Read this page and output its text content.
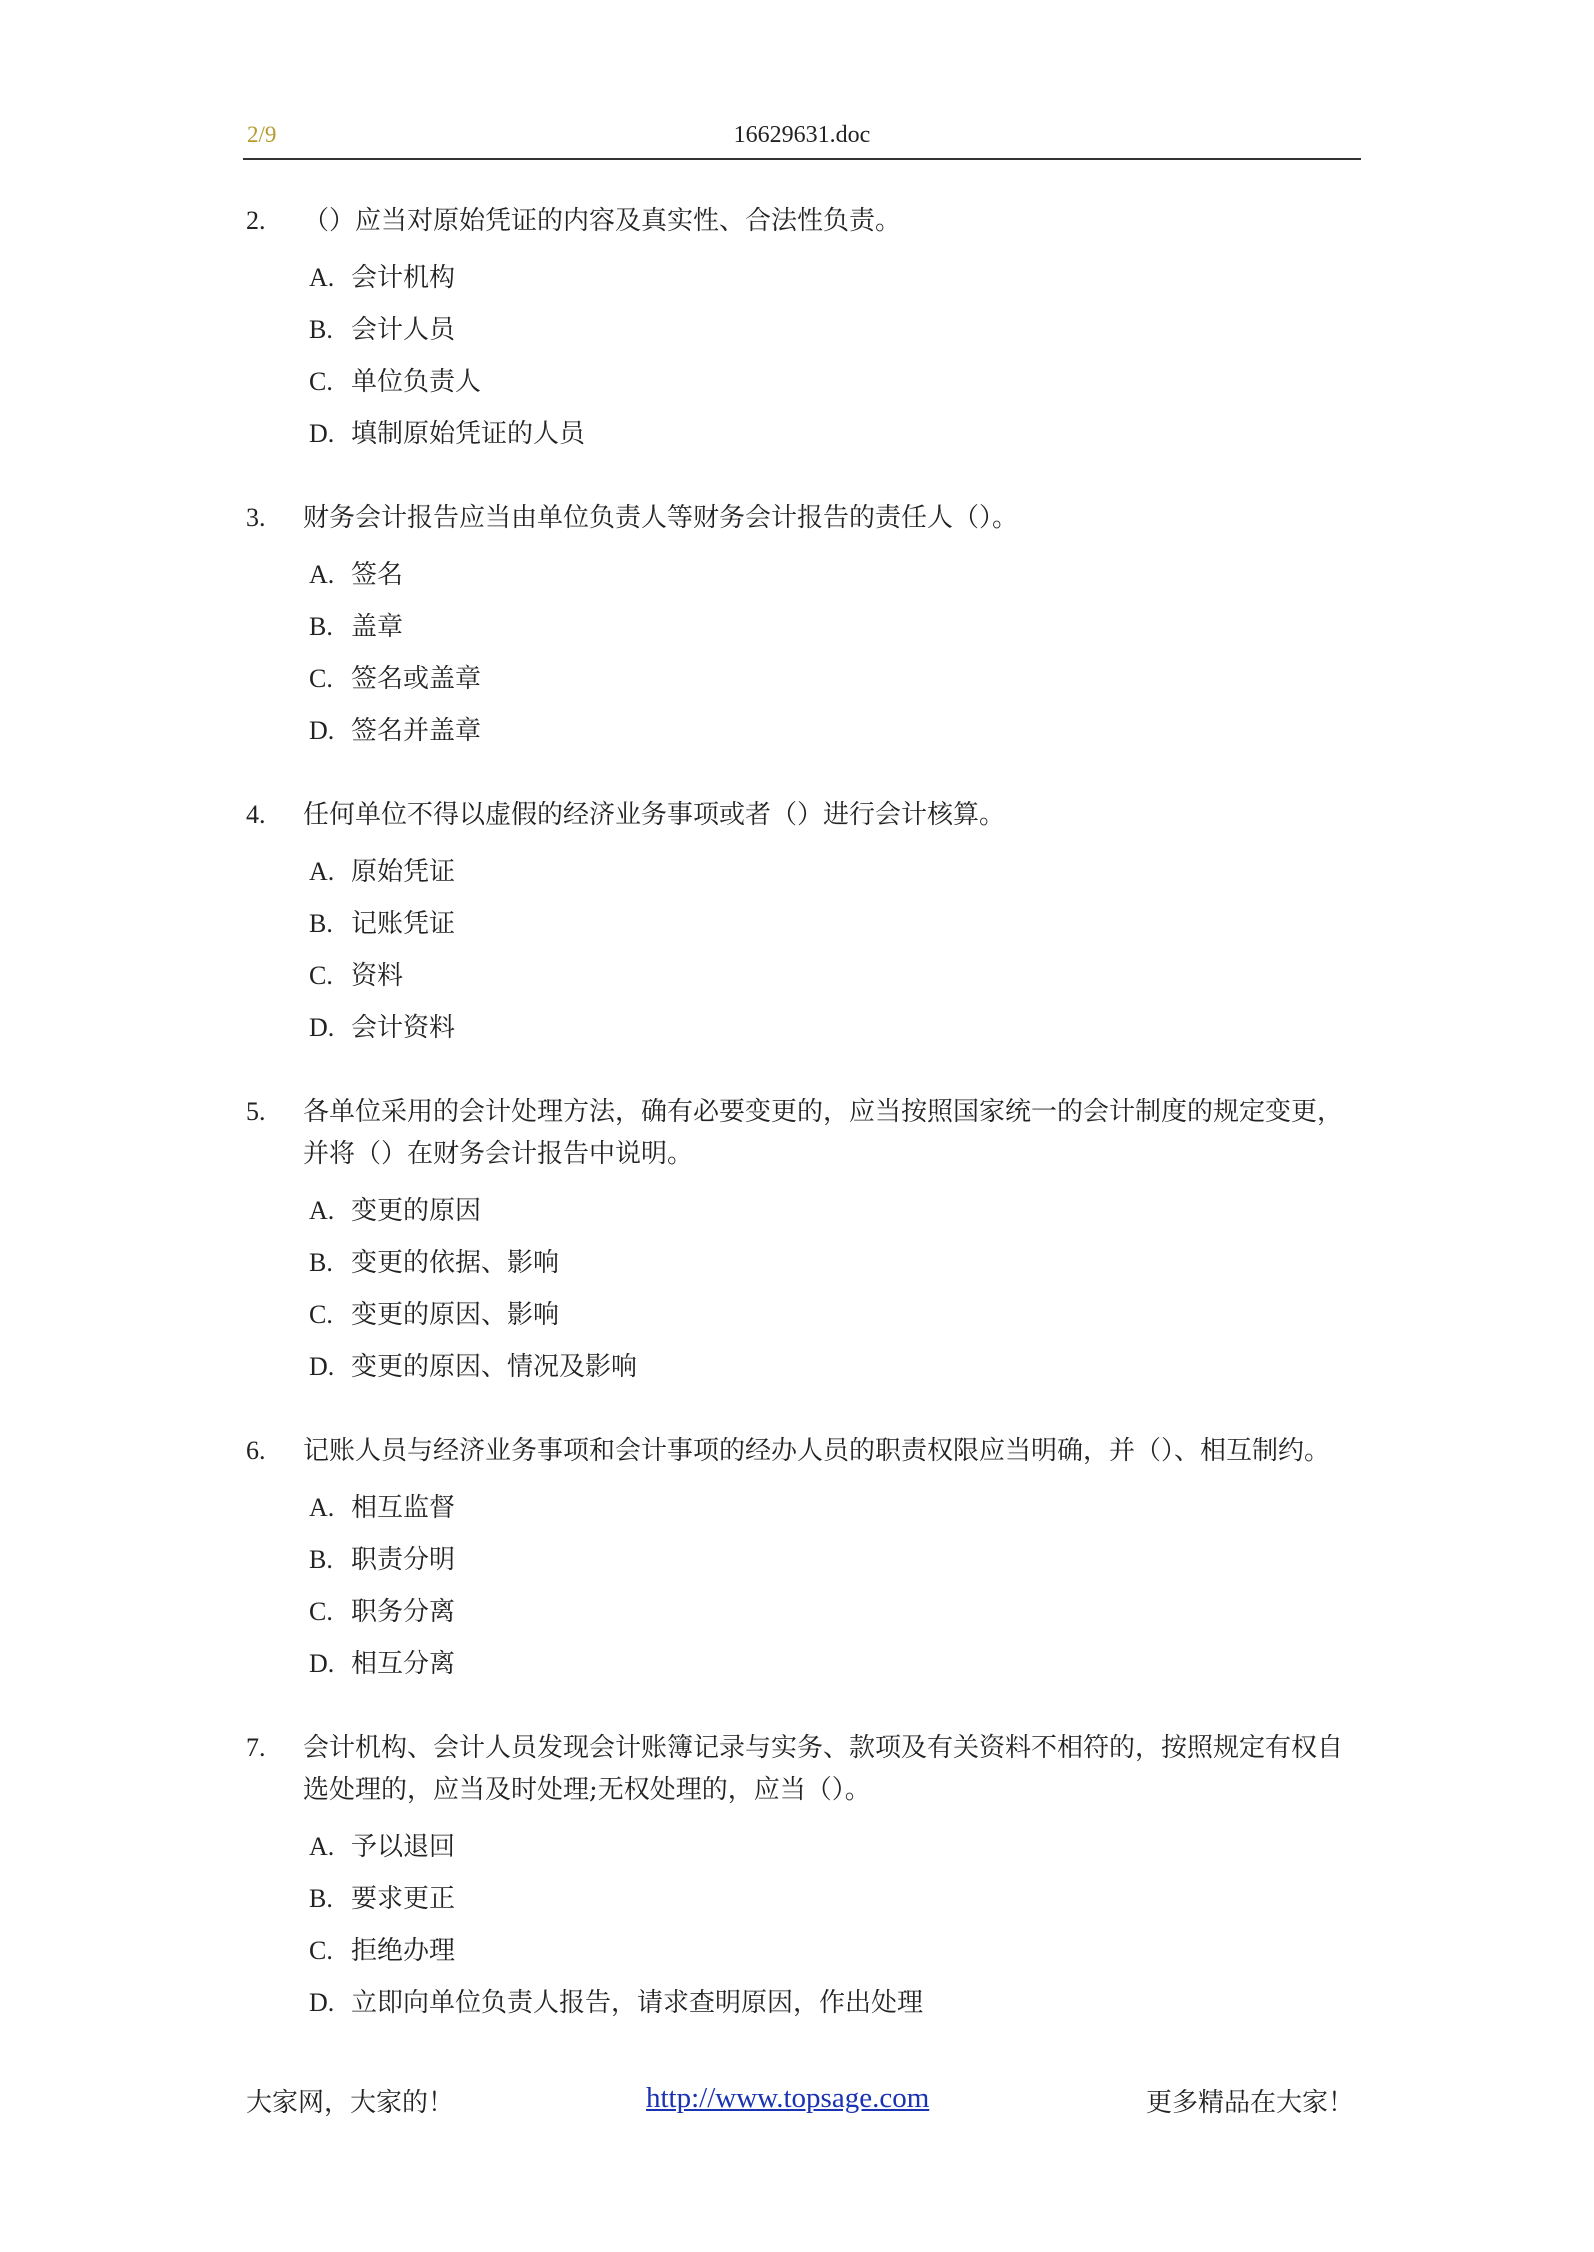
2/9	16629631.doc
2.	（）应当对原始凭证的内容及真实性、合法性负责。
A. 会计机构
B. 会计人员
C. 单位负责人
D. 填制原始凭证的人员
3.	财务会计报告应当由单位负责人等财务会计报告的责任人（）。
A. 签名
B. 盖章
C. 签名或盖章
D. 签名并盖章
4.	任何单位不得以虚假的经济业务事项或者（）进行会计核算。
A. 原始凭证
B. 记账凭证
C. 资料
D. 会计资料
5.	各单位采用的会计处理方法，确有必要变更的，应当按照国家统一的会计制度的规定变更，并将（）在财务会计报告中说明。
A. 变更的原因
B. 变更的依据、影响
C. 变更的原因、影响
D. 变更的原因、情况及影响
6.	记账人员与经济业务事项和会计事项的经办人员的职责权限应当明确，并（）、相互制约。
A. 相互监督
B. 职责分明
C. 职务分离
D. 相互分离
7.	会计机构、会计人员发现会计账簿记录与实务、款项及有关资料不相符的，按照规定有权自选处理的，应当及时处理;无权处理的，应当（）。
A. 予以退回
B. 要求更正
C. 拒绝办理
D. 立即向单位负责人报告，请求查明原因，作出处理
大家网，大家的！	http://www.topsage.com	更多精品在大家！
